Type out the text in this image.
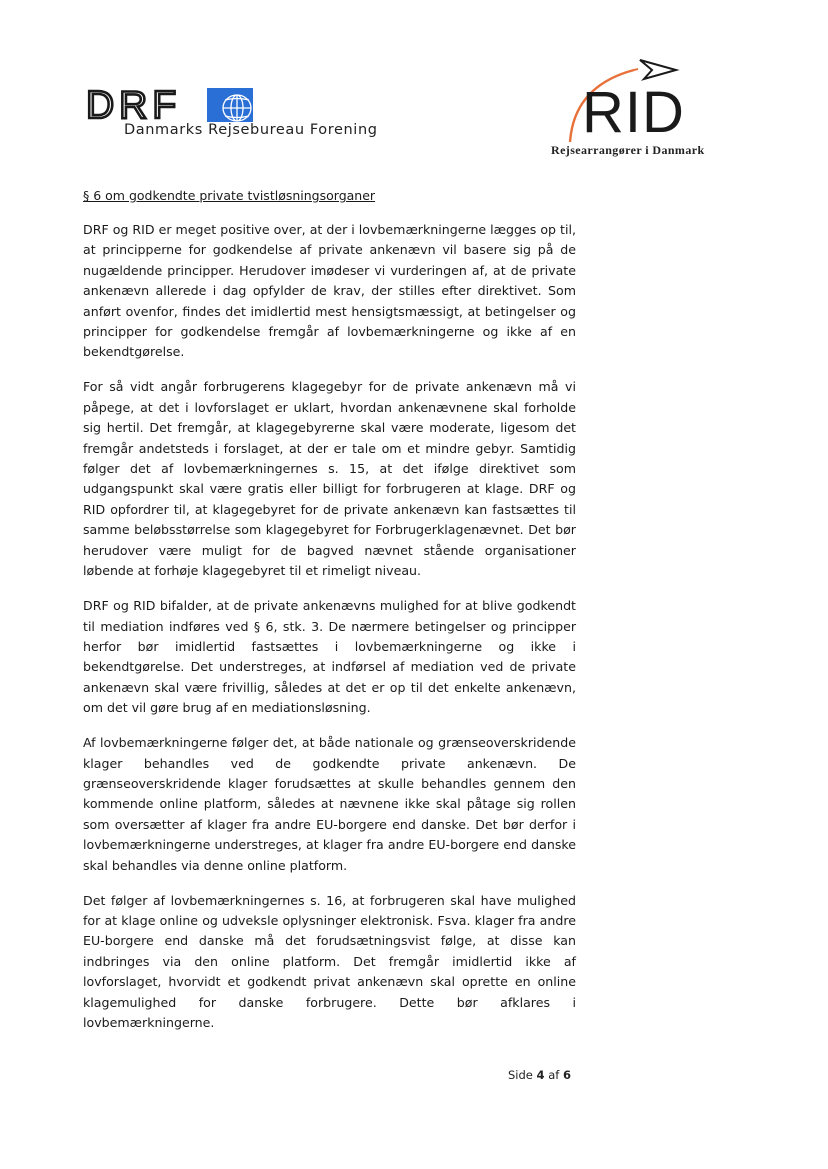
DRF
Danmarks Rejsebureau Forening	RID
Rejsearrangører i Danmark
§ 6 om godkendte private tvistløsningsorganer

DRF og RID er meget positive over, at der i lovbemærkningerne lægges op til, at principperne for godkendelse af private ankenævn vil basere sig på de nugældende principper. Herudover imødeser vi vurderingen af, at de private ankenævn allerede i dag opfylder de krav, der stilles efter direktivet. Som anført ovenfor, findes det imidlertid mest hensigtsmæssigt, at betingelser og principper for godkendelse fremgår af lovbemærkningerne og ikke af en bekendtgørelse.

For så vidt angår forbrugerens klagegebyr for de private ankenævn må vi påpege, at det i lovforslaget er uklart, hvordan ankenævnene skal forholde sig hertil. Det fremgår, at klagegebyrerne skal være moderate, ligesom det fremgår andetsteds i forslaget, at der er tale om et mindre gebyr. Samtidig følger det af lovbemærkningernes s. 15, at det ifølge direktivet som udgangspunkt skal være gratis eller billigt for forbrugeren at klage. DRF og RID opfordrer til, at klagegebyret for de private ankenævn kan fastsættes til samme beløbsstørrelse som klagegebyret for Forbrugerklagenævnet. Det bør herudover være muligt for de bagved nævnet stående organisationer løbende at forhøje klagegebyret til et rimeligt niveau.

DRF og RID bifalder, at de private ankenævns mulighed for at blive godkendt til mediation indføres ved § 6, stk. 3. De nærmere betingelser og principper herfor bør imidlertid fastsættes i lovbemærkningerne og ikke i bekendtgørelse. Det understreges, at indførsel af mediation ved de private ankenævn skal være frivillig, således at det er op til det enkelte ankenævn, om det vil gøre brug af en mediationsløsning.

Af lovbemærkningerne følger det, at både nationale og grænseoverskridende klager behandles ved de godkendte private ankenævn. De grænseoverskridende klager forudsættes at skulle behandles gennem den kommende online platform, således at nævnene ikke skal påtage sig rollen som oversætter af klager fra andre EU-borgere end danske. Det bør derfor i lovbemærkningerne understreges, at klager fra andre EU-borgere end danske skal behandles via denne online platform.

Det følger af lovbemærkningernes s. 16, at forbrugeren skal have mulighed for at klage online og udveksle oplysninger elektronisk. Fsva. klager fra andre EU-borgere end danske må det forudsætningsvist følge, at disse kan indbringes via den online platform. Det fremgår imidlertid ikke af lovforslaget, hvorvidt et godkendt privat ankenævn skal oprette en online klagemulighed for danske forbrugere. Dette bør afklares i lovbemærkningerne.

Side 4 af 6
